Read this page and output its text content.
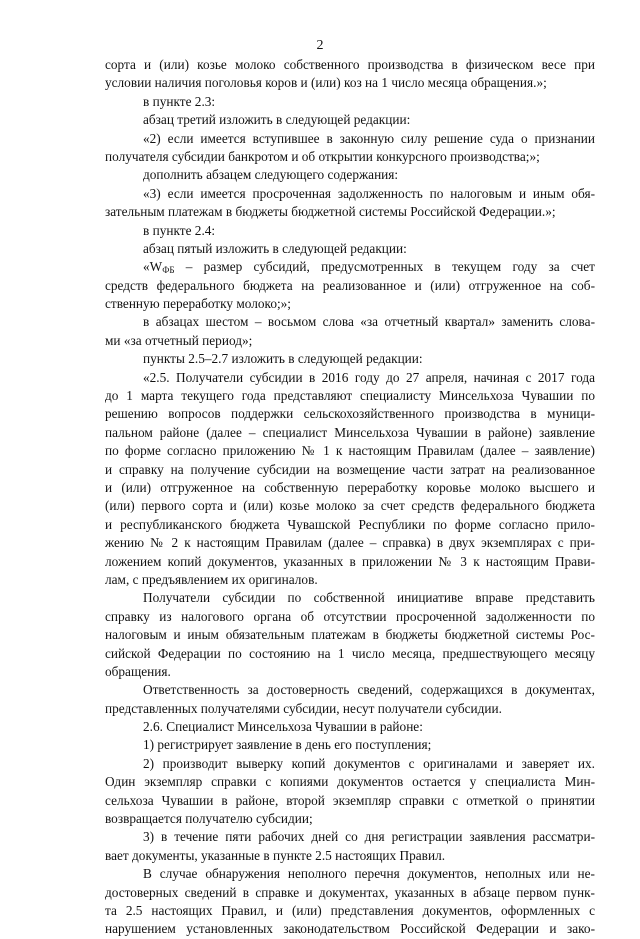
2
сорта и (или) козье молоко собственного производства в физическом весе при
условии наличия поголовья коров и (или) коз на 1 число месяца обращения.»;
в пункте 2.3:
абзац третий изложить в следующей редакции:
«2) если имеется вступившее в законную силу решение суда о признании
получателя субсидии банкротом и об открытии конкурсного производства;»;
дополнить абзацем следующего содержания:
«3) если имеется просроченная задолженность по налоговым и иным обя-
зательным платежам в бюджеты бюджетной системы Российской Федерации.»;
в пункте 2.4:
абзац пятый изложить в следующей редакции:
«$W_{ФБ}$ – размер субсидий, предусмотренных в текущем году за счет
средств федерального бюджета на реализованное и (или) отгруженное на соб-
ственную переработку молоко;»;
в абзацах шестом – восьмом слова «за отчетный квартал» заменить слова-
ми «за отчетный период»;
пункты 2.5–2.7 изложить в следующей редакции:
«2.5. Получатели субсидии в 2016 году до 27 апреля, начиная с 2017 года
до 1 марта текущего года представляют специалисту Минсельхоза Чувашии по
решению вопросов поддержки сельскохозяйственного производства в муници-
пальном районе (далее – специалист Минсельхоза Чувашии в районе) заявление
по форме согласно приложению № 1 к настоящим Правилам (далее – заявление)
и справку на получение субсидии на возмещение части затрат на реализованное
и (или) отгруженное на собственную переработку коровье молоко высшего и
(или) первого сорта и (или) козье молоко за счет средств федерального бюджета
и республиканского бюджета Чувашской Республики по форме согласно прило-
жению № 2 к настоящим Правилам (далее – справка) в двух экземплярах с при-
ложением копий документов, указанных в приложении № 3 к настоящим Прави-
лам, с предъявлением их оригиналов.
Получатели субсидии по собственной инициативе вправе представить
справку из налогового органа об отсутствии просроченной задолженности по
налоговым и иным обязательным платежам в бюджеты бюджетной системы Рос-
сийской Федерации по состоянию на 1 число месяца, предшествующего месяцу
обращения.
Ответственность за достоверность сведений, содержащихся в документах,
представленных получателями субсидии, несут получатели субсидии.
2.6. Специалист Минсельхоза Чувашии в районе:
1) регистрирует заявление в день его поступления;
2) производит выверку копий документов с оригиналами и заверяет их.
Один экземпляр справки с копиями документов остается у специалиста Мин-
сельхоза Чувашии в районе, второй экземпляр справки с отметкой о принятии
возвращается получателю субсидии;
3) в течение пяти рабочих дней со дня регистрации заявления рассматри-
вает документы, указанные в пункте 2.5 настоящих Правил.
В случае обнаружения неполного перечня документов, неполных или не-
достоверных сведений в справке и документах, указанных в абзаце первом пунк-
та 2.5 настоящих Правил, и (или) представления документов, оформленных с
нарушением установленных законодательством Российской Федерации и зако-
